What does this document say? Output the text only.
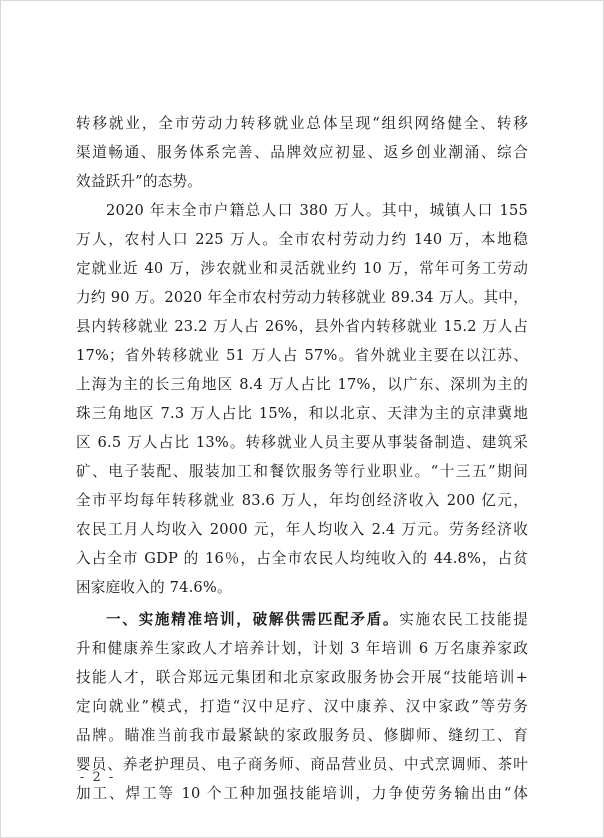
转移就业，全市劳动力转移就业总体呈现“组织网络健全、转移
渠道畅通、服务体系完善、品牌效应初显、返乡创业潮涌、综合
效益跃升”的态势。
2020 年末全市户籍总人口 380 万人。其中，城镇人口 155
万人，农村人口 225 万人。全市农村劳动力约 140 万，本地稳
定就业近 40 万，涉农就业和灵活就业约 10 万，常年可务工劳动
力约 90 万。2020 年全市农村劳动力转移就业 89.34 万人。其中，
县内转移就业 23.2 万人占 26%，县外省内转移就业 15.2 万人占
17%；省外转移就业 51 万人占 57%。省外就业主要在以江苏、
上海为主的长三角地区 8.4 万人占比 17%，以广东、深圳为主的
珠三角地区 7.3 万人占比 15%，和以北京、天津为主的京津冀地
区 6.5 万人占比 13%。转移就业人员主要从事装备制造、建筑采
矿、电子装配、服装加工和餐饮服务等行业职业。“十三五”期间
全市平均每年转移就业 83.6 万人，年均创经济收入 200 亿元，
农民工月人均收入 2000 元，年人均收入 2.4 万元。劳务经济收
入占全市 GDP 的 16％，占全市农民人均纯收入的 44.8%，占贫
困家庭收入的 74.6%。
一、实施精准培训，破解供需匹配矛盾。实施农民工技能提
升和健康养生家政人才培养计划，计划 3 年培训 6 万名康养家政
技能人才，联合郑远元集团和北京家政服务协会开展“技能培训+
定向就业”模式，打造“汉中足疗、汉中康养、汉中家政”等劳务
品牌。瞄准当前我市最紧缺的家政服务员、修脚师、缝纫工、育
婴员、养老护理员、电子商务师、商品营业员、中式烹调师、茶叶
加工、焊工等 10 个工种加强技能培训，力争使劳务输出由“体
- 2 -
